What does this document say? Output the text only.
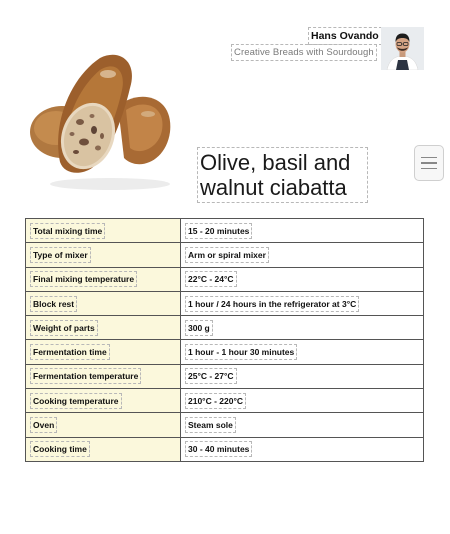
Hans Ovando
Creative Breads with Sourdough
Olive, basil and walnut ciabatta
Total mixing time	15 - 20 minutes
Type of mixer	Arm or spiral mixer
Final mixing temperature	22°C - 24°C
Block rest	1 hour / 24 hours in the refrigerator at 3°C
Weight of parts	300 g
Fermentation time	1 hour - 1 hour 30 minutes
Fermentation temperature	25°C - 27°C
Cooking temperature	210°C - 220°C
Oven	Steam sole
Cooking time	30 - 40 minutes
